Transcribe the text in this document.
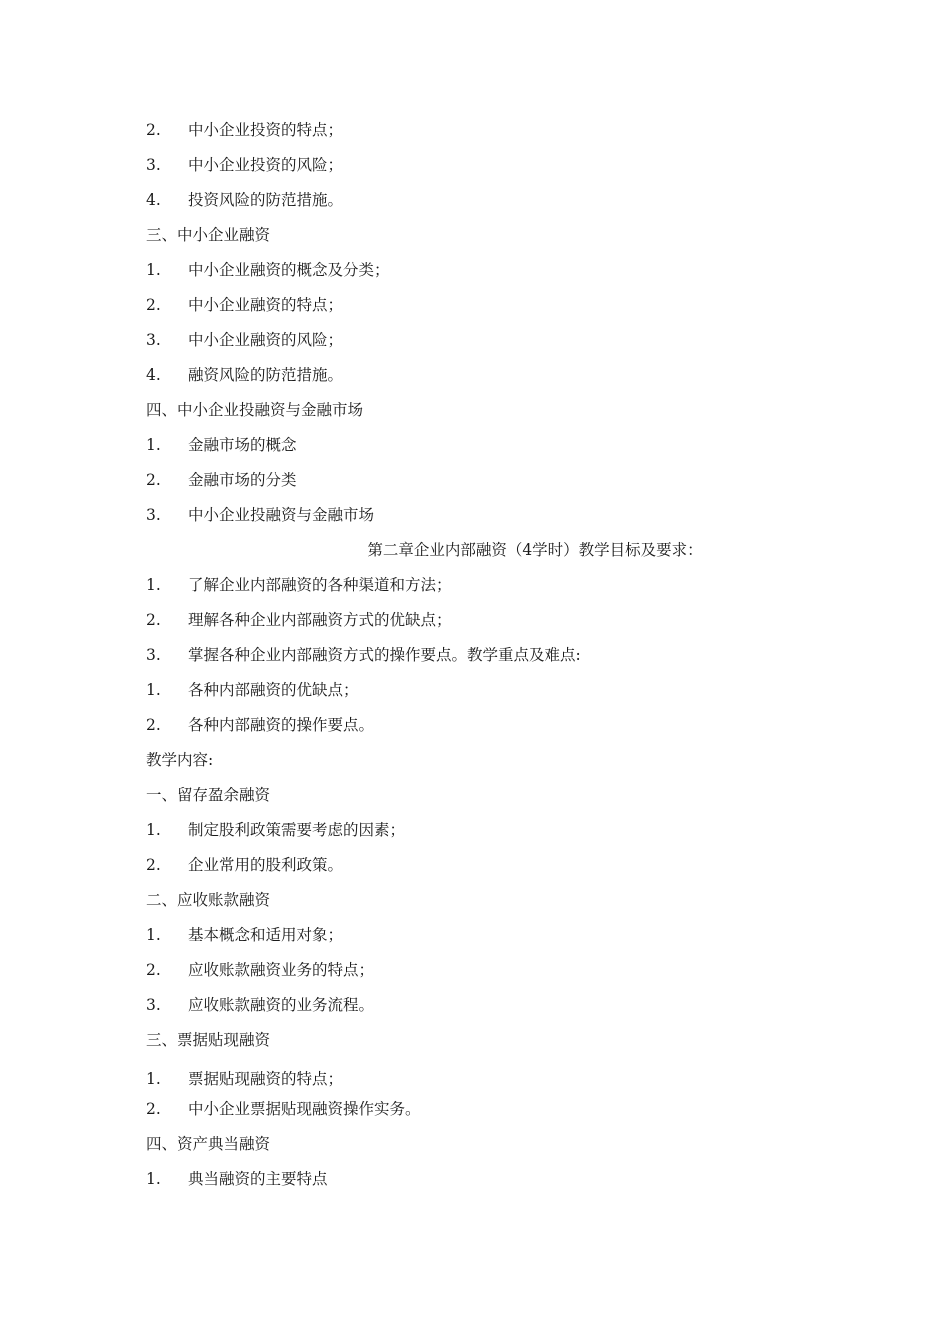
2. 中小企业投资的特点；
3. 中小企业投资的风险；
4. 投资风险的防范措施。
三、中小企业融资
1. 中小企业融资的概念及分类；
2. 中小企业融资的特点；
3. 中小企业融资的风险；
4. 融资风险的防范措施。
四、中小企业投融资与金融市场
1. 金融市场的概念
2. 金融市场的分类
3. 中小企业投融资与金融市场
第二章企业内部融资（4学时）教学目标及要求：
1. 了解企业内部融资的各种渠道和方法；
2. 理解各种企业内部融资方式的优缺点；
3. 掌握各种企业内部融资方式的操作要点。教学重点及难点:
1. 各种内部融资的优缺点；
2. 各种内部融资的操作要点。
教学内容:
一、留存盈余融资
1. 制定股利政策需要考虑的因素；
2. 企业常用的股利政策。
二、应收账款融资
1. 基本概念和适用对象；
2. 应收账款融资业务的特点；
3. 应收账款融资的业务流程。
三、票据贴现融资
1. 票据贴现融资的特点；
2. 中小企业票据贴现融资操作实务。
四、资产典当融资
1. 典当融资的主要特点
